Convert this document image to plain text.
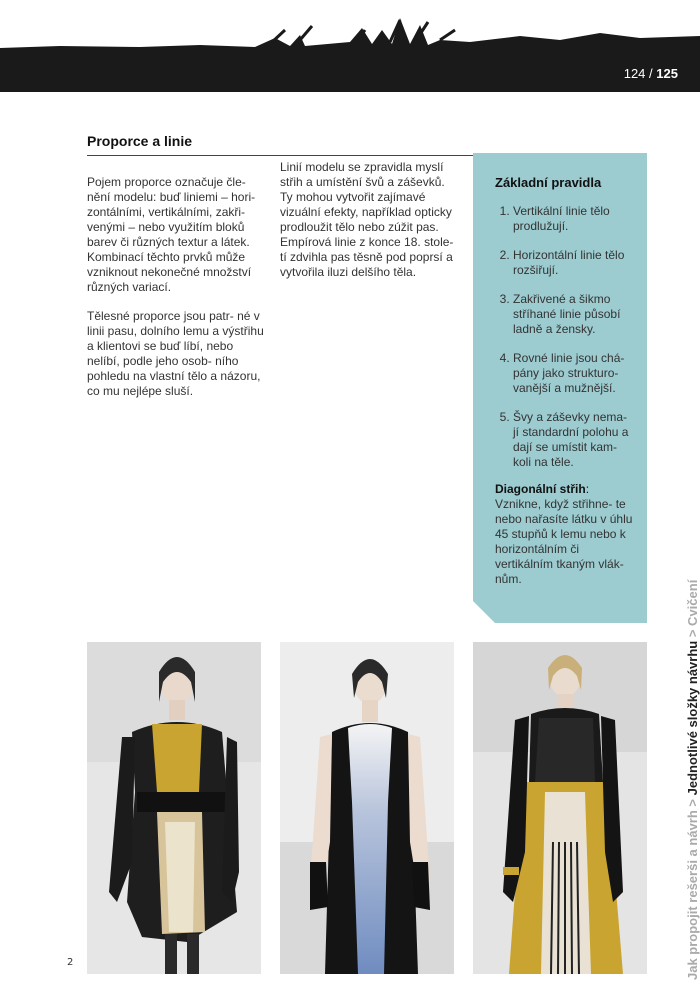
124 / 125
Proporce a linie

Pojem proporce označuje čle- nění modelu: buď liniemi – hori- zontálními, vertikálními, zakři- venými – nebo využitím bloků barev či různých textur a látek. Kombinací těchto prvků může vzniknout nekonečné množství různých variací.

Tělesné proporce jsou patr- né v linii pasu, dolního lemu a výstřihu a klientovi se buď líbí, nebo nelíbí, podle jeho osob- ního pohledu na vlastní tělo a názoru, co mu nejlépe sluší.

Linií modelu se zpravidla myslí střih a umístění švů a záševků. Ty mohou vytvořit zajímavé vizuální efekty, například opticky prodloužit tělo nebo zúžit pas. Empírová linie z konce 18. stole- tí zdvihla pas těsně pod poprsí a vytvořila iluzi delšího těla.

Základní pravidla
1. Vertikální linie tělo prodlužují.
2. Horizontální linie tělo rozšiřují.
3. Zakřivené a šikmo stříhané linie působí ladně a žensky.
4. Rovné linie jsou chá- pány jako strukturo- vanější a mužnější.
5. Švy a záševky nema- jí standardní polohu a dají se umístit kam- koli na těle.
Diagonální střih:
Vznikne, když střihne- te nebo nařasíte látku v úhlu 45 stupňů k lemu nebo k horizontálním či vertikálním tkaným vlák- nům.
Jak propojit rešerši a návrh > Jednotlivé složky návrhu > Cvičení
2
